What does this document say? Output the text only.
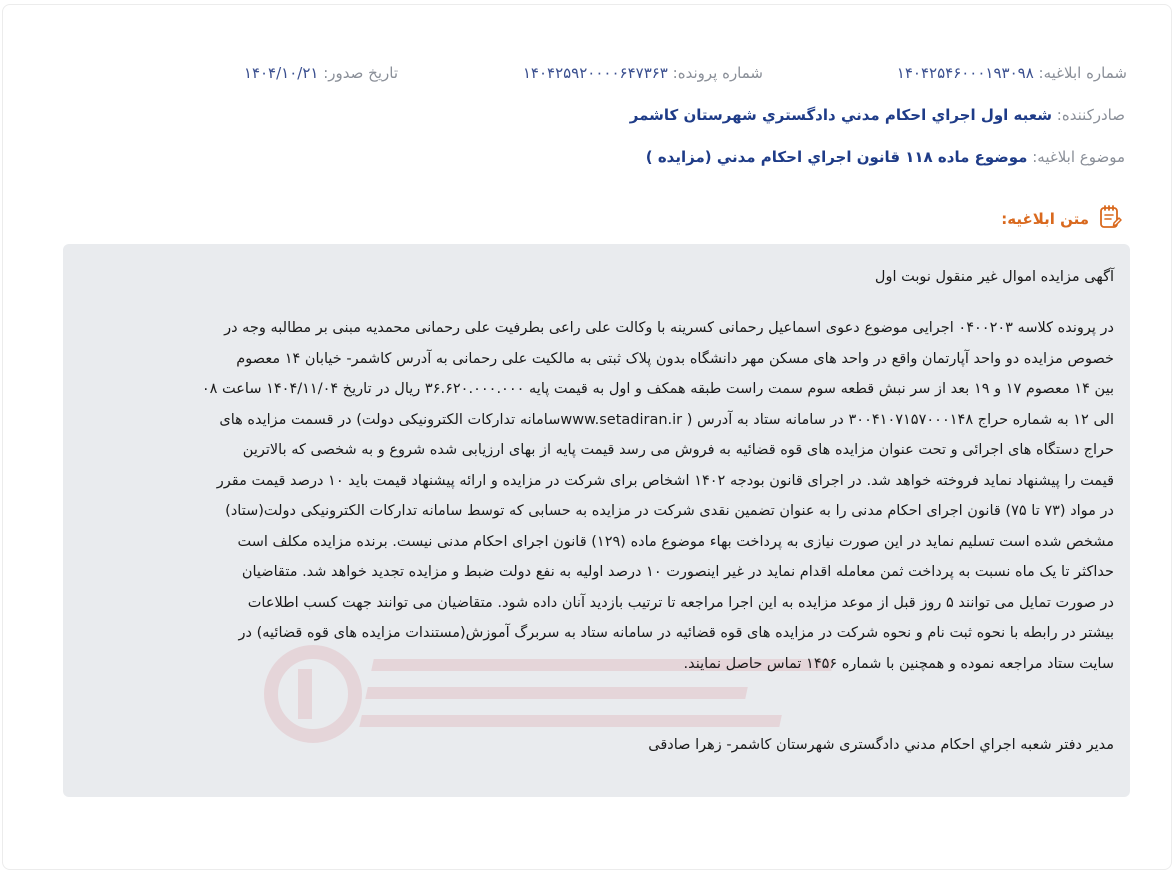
شماره ابلاغیه: ۱۴۰۴۲۵۴۶۰۰۰۱۹۳۰۹۸
شماره پرونده: ۱۴۰۴۲۵۹۲۰۰۰۰۶۴۷۳۶۳
تاریخ صدور: ۱۴۰۴/۱۰/۲۱
صادرکننده: شعبه اول اجراي احكام مدني دادگستري شهرستان كاشمر
موضوع ابلاغیه: موضوع ماده ۱۱۸ قانون اجراي احكام مدني (مزایده )
متن ابلاغیه:
آگهی مزایده اموال غیر منقول نوبت اول
در پرونده کلاسه ۰۴۰۰۲۰۳ اجرایی موضوع دعوی اسماعیل رحمانی کسرینه با وکالت علی راعی بطرفیت علی رحمانی محمدیه مبنی بر مطالبه وجه در
خصوص مزایده دو واحد آپارتمان واقع در واحد های مسکن مهر دانشگاه بدون پلاک ثبتی به مالکیت علی رحمانی به آدرس کاشمر- خیابان ۱۴ معصوم
بین ۱۴ معصوم ۱۷ و ۱۹ بعد از سر نبش قطعه سوم سمت راست طبقه همکف و اول به قیمت پایه ۳۶.۶۲۰.۰۰۰.۰۰۰ ریال در تاریخ ۱۴۰۴/۱۱/۰۴ ساعت ۰۸
الی ۱۲ به شماره حراج ۳۰۰۴۱۰۷۱۵۷۰۰۰۱۴۸ در سامانه ستاد به آدرس ( www.setadiran.irسامانه تدارکات الکترونیکی دولت) در قسمت مزایده های
حراج دستگاه های اجرائی و تحت عنوان مزایده های قوه قضائیه به فروش می رسد قیمت پایه از بهای ارزیابی شده شروع و به شخصی که بالاترین
قیمت را پیشنهاد نماید فروخته خواهد شد. در اجرای قانون بودجه ۱۴۰۲ اشخاص برای شرکت در مزایده و ارائه پیشنهاد قیمت باید ۱۰ درصد قیمت مقرر
در مواد (۷۳ تا ۷۵) قانون اجرای احکام مدنی را به عنوان تضمین نقدی شرکت در مزایده به حسابی که توسط سامانه تدارکات الکترونیکی دولت(ستاد)
مشخص شده است تسلیم نماید در این صورت نیازی به پرداخت بهاء موضوع ماده (۱۲۹) قانون اجرای احکام مدنی نیست. برنده مزایده مکلف است
حداکثر تا یک ماه نسبت به پرداخت ثمن معامله اقدام نماید در غیر اینصورت ۱۰ درصد اولیه به نفع دولت ضبط و مزایده تجدید خواهد شد. متقاضیان
در صورت تمایل می توانند ۵ روز قبل از موعد مزایده به این اجرا مراجعه تا ترتیب بازدید آنان داده شود. متقاضیان می توانند جهت کسب اطلاعات
بیشتر در رابطه با نحوه ثبت نام و نحوه شرکت در مزایده های قوه قضائیه در سامانه ستاد به سربرگ آموزش(مستندات مزایده های قوه قضائیه) در
سایت ستاد مراجعه نموده و همچنین با شماره ۱۴۵۶ تماس حاصل نمایند.
مدیر دفتر شعبه اجراي احكام مدني دادگستری شهرستان کاشمر- زهرا صادقی
